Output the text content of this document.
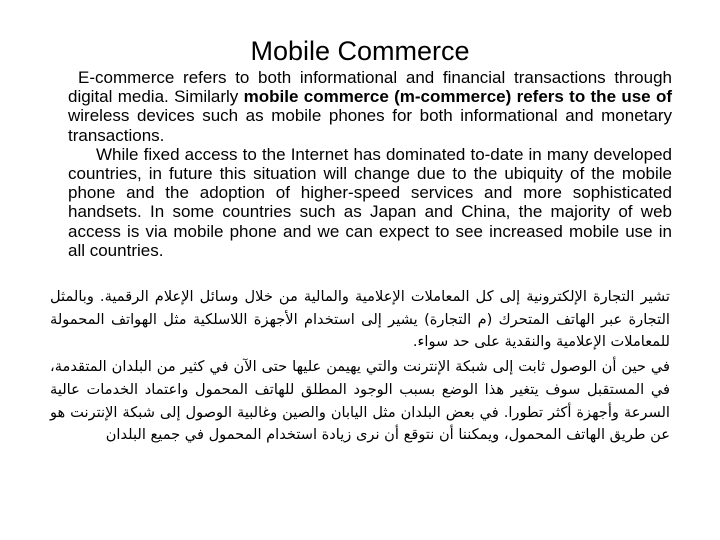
Mobile Commerce

E-commerce refers to both informational and financial transactions through digital media. Similarly mobile commerce (m-commerce) refers to the use of wireless devices such as mobile phones for both informational and monetary transactions.

While fixed access to the Internet has dominated to-date in many developed countries, in future this situation will change due to the ubiquity of the mobile phone and the adoption of higher-speed services and more sophisticated handsets. In some countries such as Japan and China, the majority of web access is via mobile phone and we can expect to see increased mobile use in all countries.

تشير التجارة الإلكترونية إلى كل المعاملات الإعلامية والمالية من خلال وسائل الإعلام الرقمية. وبالمثل التجارة عبر الهاتف المتحرك (م التجارة) يشير إلى استخدام الأجهزة اللاسلكية مثل الهواتف المحمولة للمعاملات الإعلامية والنقدية على حد سواء.

في حين أن الوصول ثابت إلى شبكة الإنترنت والتي يهيمن عليها حتى الآن في كثير من البلدان المتقدمة، في المستقبل سوف يتغير هذا الوضع بسبب الوجود المطلق للهاتف المحمول واعتماد الخدمات عالية السرعة وأجهزة أكثر تطورا. في بعض البلدان مثل اليابان والصين وغالبية الوصول إلى شبكة الإنترنت هو عن طريق الهاتف المحمول، ويمكننا أن نتوقع أن نرى زيادة استخدام المحمول في جميع البلدان
